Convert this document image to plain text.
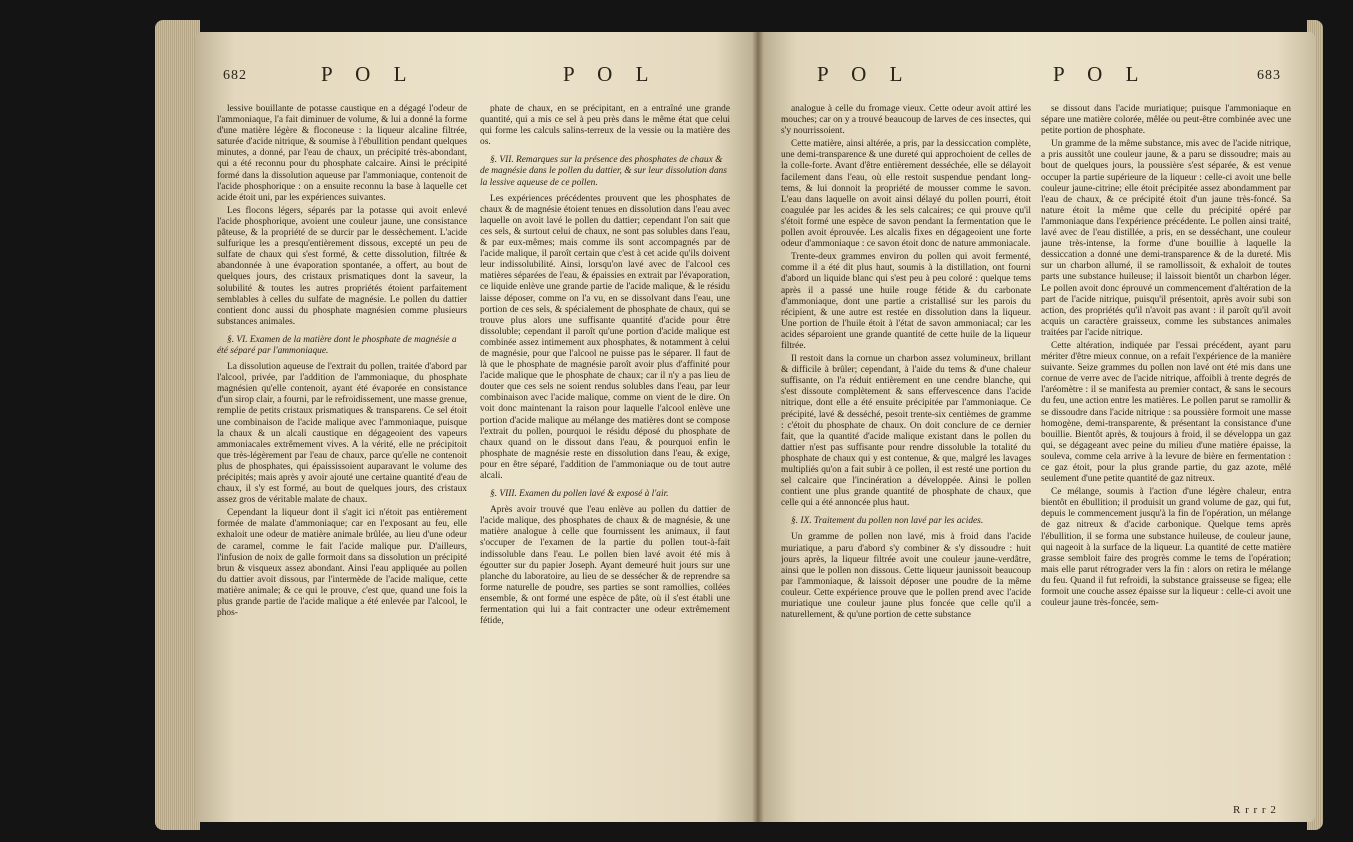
682	P O L	P O L

lessive bouillante de potasse caustique en a dégagé l'odeur de l'ammoniaque, l'a fait diminuer de volume, & lui a donné la forme d'une matière légère & floconeuse : la liqueur alcaline filtrée, saturée d'acide nitrique, & soumise à l'ébullition pendant quelques minutes, a donné, par l'eau de chaux, un précipité très-abondant, qui a été reconnu pour du phosphate calcaire. Ainsi le précipité formé dans la dissolution aqueuse par l'ammoniaque, contenoit de l'acide phosphorique : on a ensuite reconnu la base à laquelle cet acide étoit uni, par les expériences suivantes.

Les flocons légers, séparés par la potasse qui avoit enlevé l'acide phosphorique, avoient une couleur jaune, une consistance pâteuse, & la propriété de se durcir par le dessèchement. L'acide sulfurique les a presqu'entièrement dissous, excepté un peu de sulfate de chaux qui s'est formé, & cette dissolution, filtrée & abandonnée à une évaporation spontanée, a offert, au bout de quelques jours, des cristaux prismatiques dont la saveur, la solubilité & toutes les autres propriétés étoient parfaitement semblables à celles du sulfate de magnésie. Le pollen du dattier contient donc aussi du phosphate magnésien comme plusieurs substances animales.

§. VI. Examen de la matière dont le phosphate de magnésie a été séparé par l'ammoniaque.

La dissolution aqueuse de l'extrait du pollen, traitée d'abord par l'alcool, privée, par l'addition de l'ammoniaque, du phosphate magnésien qu'elle contenoit, ayant été évaporée en consistance d'un sirop clair, a fourni, par le refroidissement, une masse grenue, remplie de petits cristaux prismatiques & transparens. Ce sel étoit une combinaison de l'acide malique avec l'ammoniaque, puisque la chaux & un alcali caustique en dégageoient des vapeurs ammoniacales extrêmement vives. A la vérité, elle ne précipitoit que très-légèrement par l'eau de chaux, parce qu'elle ne contenoit plus de phosphates, qui épaississoient auparavant le volume des précipités; mais après y avoir ajouté une certaine quantité d'eau de chaux, il s'y est formé, au bout de quelques jours, des cristaux assez gros de véritable malate de chaux.

Cependant la liqueur dont il s'agit ici n'étoit pas entièrement formée de malate d'ammoniaque; car en l'exposant au feu, elle exhaloit une odeur de matière animale brûlée, au lieu d'une odeur de caramel, comme le fait l'acide malique pur. D'ailleurs, l'infusion de noix de galle formoit dans sa dissolution un précipité brun & visqueux assez abondant. Ainsi l'eau appliquée au pollen du dattier avoit dissous, par l'intermède de l'acide malique, cette matière animale; & ce qui le prouve, c'est que, quand une fois la plus grande partie de l'acide malique a été enlevée par l'alcool, le phos-

phate de chaux, en se précipitant, en a entraîné une grande quantité, qui a mis ce sel à peu près dans le même état que celui qui forme les calculs salins-terreux de la vessie ou la matière des os.

§. VII. Remarques sur la présence des phosphates de chaux & de magnésie dans le pollen du dattier, & sur leur dissolution dans la lessive aqueuse de ce pollen.

Les expériences précédentes prouvent que les phosphates de chaux & de magnésie étoient tenues en dissolution dans l'eau avec laquelle on avoit lavé le pollen du dattier; cependant l'on sait que ces sels, & surtout celui de chaux, ne sont pas solubles dans l'eau, & par eux-mêmes; mais comme ils sont accompagnés par de l'acide malique, il paroît certain que c'est à cet acide qu'ils doivent leur indissolubilité. Ainsi, lorsqu'on lavé avec de l'alcool ces matières séparées de l'eau, & épaissies en extrait par l'évaporation, ce liquide enlève une grande partie de l'acide malique, & le résidu laisse déposer, comme on l'a vu, en se dissolvant dans l'eau, une portion de ces sels, & spécialement de phosphate de chaux, qui se trouve plus alors une suffisante quantité d'acide pour être dissoluble; cependant il paroît qu'une portion d'acide malique est combinée assez intimement aux phosphates, & notamment à celui de magnésie, pour que l'alcool ne puisse pas le séparer. Il faut de là que le phosphate de magnésie paroît avoir plus d'affinité pour l'acide malique que le phosphate de chaux; car il n'y a pas lieu de douter que ces sels ne soient rendus solubles dans l'eau, par leur combinaison avec l'acide malique, comme on vient de le dire. On voit donc maintenant la raison pour laquelle l'alcool enlève une portion d'acide malique au mélange des matières dont se compose l'extrait du pollen, pourquoi le résidu déposé du phosphate de chaux quand on le dissout dans l'eau, & pourquoi enfin le phosphate de magnésie reste en dissolution dans l'eau, & exige, pour en être séparé, l'addition de l'ammoniaque ou de tout autre alcali.

§. VIII. Examen du pollen lavé & exposé à l'air.

Après avoir trouvé que l'eau enlève au pollen du dattier de l'acide malique, des phosphates de chaux & de magnésie, & une matière analogue à celle que fournissent les animaux, il faut s'occuper de l'examen de la partie du pollen tout-à-fait indissoluble dans l'eau. Le pollen bien lavé avoit été mis à égoutter sur du papier Joseph. Ayant demeuré huit jours sur une planche du laboratoire, au lieu de se dessécher & de reprendre sa forme naturelle de poudre, ses parties se sont ramollies, collées ensemble, & ont formé une espèce de pâte, où il s'est établi une fermentation qui lui a fait contracter une odeur extrêmement fétide,

P O L	P O L	683

analogue à celle du fromage vieux. Cette odeur avoit attiré les mouches; car on y a trouvé beaucoup de larves de ces insectes, qui s'y nourrissoient.

Cette matière, ainsi altérée, a pris, par la dessiccation complète, une demi-transparence & une dureté qui approchoient de celles de la colle-forte. Avant d'être entièrement desséchée, elle se délayoit facilement dans l'eau, où elle restoit suspendue pendant long-tems, & lui donnoit la propriété de mousser comme le savon. L'eau dans laquelle on avoit ainsi délayé du pollen pourri, étoit coagulée par les acides & les sels calcaires; ce qui prouve qu'il s'étoit formé une espèce de savon pendant la fermentation que le pollen avoit éprouvée. Les alcalis fixes en dégageoient une forte odeur d'ammoniaque : ce savon étoit donc de nature ammoniacale.

Trente-deux grammes environ du pollen qui avoit fermenté, comme il a été dit plus haut, soumis à la distillation, ont fourni d'abord un liquide blanc qui s'est peu à peu coloré : quelque tems après il a passé une huile rouge fétide & du carbonate d'ammoniaque, dont une partie a cristallisé sur les parois du récipient, & une autre est restée en dissolution dans la liqueur. Une portion de l'huile étoit à l'état de savon ammoniacal; car les acides séparoient une grande quantité de cette huile de la liqueur filtrée.

Il restoit dans la cornue un charbon assez volumineux, brillant & difficile à brûler; cependant, à l'aide du tems & d'une chaleur suffisante, on l'a réduit entièrement en une cendre blanche, qui s'est dissoute complètement & sans effervescence dans l'acide nitrique, dont elle a été ensuite précipitée par l'ammoniaque. Ce précipité, lavé & desséché, pesoit trente-six centièmes de gramme : c'étoit du phosphate de chaux. On doit conclure de ce dernier fait, que la quantité d'acide malique existant dans le pollen du dattier n'est pas suffisante pour rendre dissoluble la totalité du phosphate de chaux qui y est contenue, & que, malgré les lavages multipliés qu'on a fait subir à ce pollen, il est resté une portion du sel calcaire que l'incinération a développée. Ainsi le pollen contient une plus grande quantité de phosphate de chaux, que celle qui a été annoncée plus haut.

§. IX. Traitement du pollen non lavé par les acides.

Un gramme de pollen non lavé, mis à froid dans l'acide muriatique, a paru d'abord s'y combiner & s'y dissoudre : huit jours après, la liqueur filtrée avoit une couleur jaune-verdâtre, ainsi que le pollen non dissous. Cette liqueur jaunissoit beaucoup par l'ammoniaque, & laissoit déposer une poudre de la même couleur. Cette expérience prouve que le pollen prend avec l'acide muriatique une couleur jaune plus foncée que celle qu'il a naturellement, & qu'une portion de cette substance

se dissout dans l'acide muriatique; puisque l'ammoniaque en sépare une matière colorée, mêlée ou peut-être combinée avec une petite portion de phosphate.

Un gramme de la même substance, mis avec de l'acide nitrique, a pris aussitôt une couleur jaune, & a paru se dissoudre; mais au bout de quelques jours, la poussière s'est séparée, & est venue occuper la partie supérieure de la liqueur : celle-ci avoit une belle couleur jaune-citrine; elle étoit précipitée assez abondamment par l'eau de chaux, & ce précipité étoit d'un jaune très-foncé. Sa nature étoit la même que celle du précipité opéré par l'ammoniaque dans l'expérience précédente. Le pollen ainsi traité, lavé avec de l'eau distillée, a pris, en se desséchant, une couleur jaune très-intense, la forme d'une bouillie à laquelle la dessiccation a donné une demi-transparence & de la dureté. Mis sur un charbon allumé, il se ramollissoit, & exhaloit de toutes parts une substance huileuse; il laissoit bientôt un charbon léger. Le pollen avoit donc éprouvé un commencement d'altération de la part de l'acide nitrique, puisqu'il présentoit, après avoir subi son action, des propriétés qu'il n'avoit pas avant : il paroît qu'il avoit acquis un caractère graisseux, comme les substances animales traitées par l'acide nitrique.

Cette altération, indiquée par l'essai précédent, ayant paru mériter d'être mieux connue, on a refait l'expérience de la manière suivante. Seize grammes du pollen non lavé ont été mis dans une cornue de verre avec de l'acide nitrique, affoibli à trente degrés de l'aréomètre : il se manifesta au premier contact, & sans le secours du feu, une action entre les matières. Le pollen parut se ramollir & se dissoudre dans l'acide nitrique : sa poussière formoit une masse homogène, demi-transparente, & présentant la consistance d'une bouillie. Bientôt après, & toujours à froid, il se développa un gaz qui, se dégageant avec peine du milieu d'une matière épaisse, la souleva, comme cela arrive à la levure de bière en fermentation : ce gaz étoit, pour la plus grande partie, du gaz azote, mêlé seulement d'une petite quantité de gaz nitreux.

Ce mélange, soumis à l'action d'une légère chaleur, entra bientôt en ébullition; il produisit un grand volume de gaz, qui fut, depuis le commencement jusqu'à la fin de l'opération, un mélange de gaz nitreux & d'acide carbonique. Quelque tems après l'ébullition, il se forma une substance huileuse, de couleur jaune, qui nageoit à la surface de la liqueur. La quantité de cette matière grasse sembloit faire des progrès comme le tems de l'opération; mais elle parut rétrograder vers la fin : alors on retira le mélange du feu. Quand il fut refroidi, la substance graisseuse se figea; elle formoit une couche assez épaisse sur la liqueur : celle-ci avoit une couleur jaune très-foncée, sem-

R r r r 2
